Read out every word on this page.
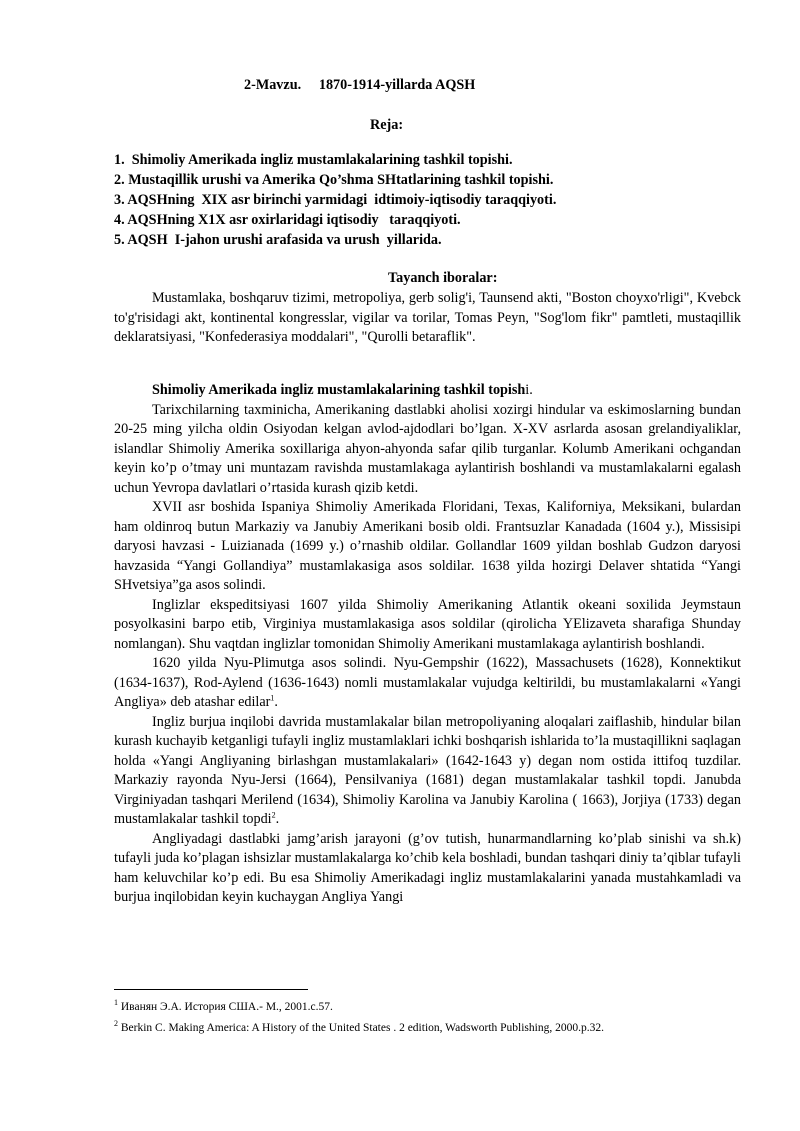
2-Mavzu.     1870-1914-yillarda AQSH
Reja:
1.  Shimoliy Amerikada ingliz mustamlakalarining tashkil topishi.
2. Mustaqillik urushi va Amerika Qo’shma SHtatlarining tashkil topishi.
3. AQSHning  XIX asr birinchi yarmidagi  idtimoiy-iqtisodiy taraqqiyoti.
4. AQSHning X1X asr oxirlaridagi iqtisodiy   taraqqiyoti.
5. AQSH  I-jahon urushi arafasida va urush  yillarida.
Tayanch iboralar:

Mustamlaka, boshqaruv tizimi, metropoliya, gerb solig'i, Taunsend akti, "Boston choyxo'rligi", Kvebck to'g'risidagi akt, kontinental kongresslar, vigilar va torilar, Tomas Peyn, "Sog'lom fikr" pamtleti, mustaqillik deklaratsiyasi, "Konfederasiya moddalari", "Qurolli betaraflik".

Shimoliy Amerikada ingliz mustamlakalarining tashkil topishi.

Tarixchilarning taxminicha, Amerikaning dastlabki aholisi xozirgi hindular va eskimoslarning bundan 20-25 ming yilcha oldin Osiyodan kelgan avlod-ajdodlari bo’lgan. X-XV asrlarda asosan grelandiyaliklar, islandlar Shimoliy Amerika soxillariga ahyon-ahyonda safar qilib turganlar. Kolumb Amerikani ochgandan keyin ko’p o’tmay uni muntazam ravishda mustamlakaga aylantirish boshlandi va mustamlakalarni egalash uchun Yevropa davlatlari o’rtasida kurash qizib ketdi.

XVII asr boshida Ispaniya Shimoliy Amerikada Floridani, Texas, Kaliforniya, Meksikani, bulardan ham oldinroq butun Markaziy va Janubiy Amerikani bosib oldi. Frantsuzlar Kanadada (1604 y.), Missisipi daryosi havzasi - Luizianada (1699 y.) o’rnashib oldilar. Gollandlar 1609 yildan boshlab Gudzon daryosi havzasida “Yangi Gollandiya” mustamlakasiga asos soldilar. 1638 yilda hozirgi Delaver shtatida “Yangi SHvetsiya”ga asos solindi.

Inglizlar ekspeditsiyasi 1607 yilda Shimoliy Amerikaning Atlantik okeani soxilida Jeymstaun posyolkasini barpo etib, Virginiya mustamlakasiga asos soldilar (qirolicha YElizaveta sharafiga Shunday nomlangan). Shu vaqtdan inglizlar tomonidan Shimoliy Amerikani mustamlakaga aylantirish boshlandi.

1620 yilda Nyu-Plimutga asos solindi. Nyu-Gempshir (1622), Massachusets (1628), Konnektikut (1634-1637), Rod-Aylend (1636-1643) nomli mustamlakalar vujudga keltirildi, bu mustamlakalarni «Yangi Angliya» deb atashar edilar$^1$.

Ingliz burjua inqilobi davrida mustamlakalar bilan metropoliyaning aloqalari zaiflashib, hindular bilan kurash kuchayib ketganligi tufayli ingliz mustamlaklari ichki boshqarish ishlarida to’la mustaqillikni saqlagan holda «Yangi Angliyaning birlashgan mustamlakalari» (1642-1643 y) degan nom ostida ittifoq tuzdilar. Markaziy rayonda Nyu-Jersi (1664), Pensilvaniya (1681) degan mustamlakalar tashkil topdi. Janubda Virginiyadan tashqari Merilend (1634), Shimoliy Karolina va Janubiy Karolina ( 1663), Jorjiya (1733) degan mustamlakalar tashkil topdi$^2$.

Angliyadagi dastlabki jamg’arish jarayoni (g’ov tutish, hunarmandlarning ko’plab sinishi va sh.k) tufayli juda ko’plagan ishsizlar mustamlakalarga ko’chib kela boshladi, bundan tashqari diniy ta’qiblar tufayli ham keluvchilar ko’p edi. Bu esa Shimoliy Amerikadagi ingliz mustamlakalarini yanada mustahkamladi va burjua inqilobidan keyin kuchaygan Angliya Yangi

$^1$ Иванян Э.А. История США.- М., 2001.c.57.
$^2$ Berkin C. Making America: A History of the United States . 2 edition, Wadsworth Publishing, 2000.p.32.
